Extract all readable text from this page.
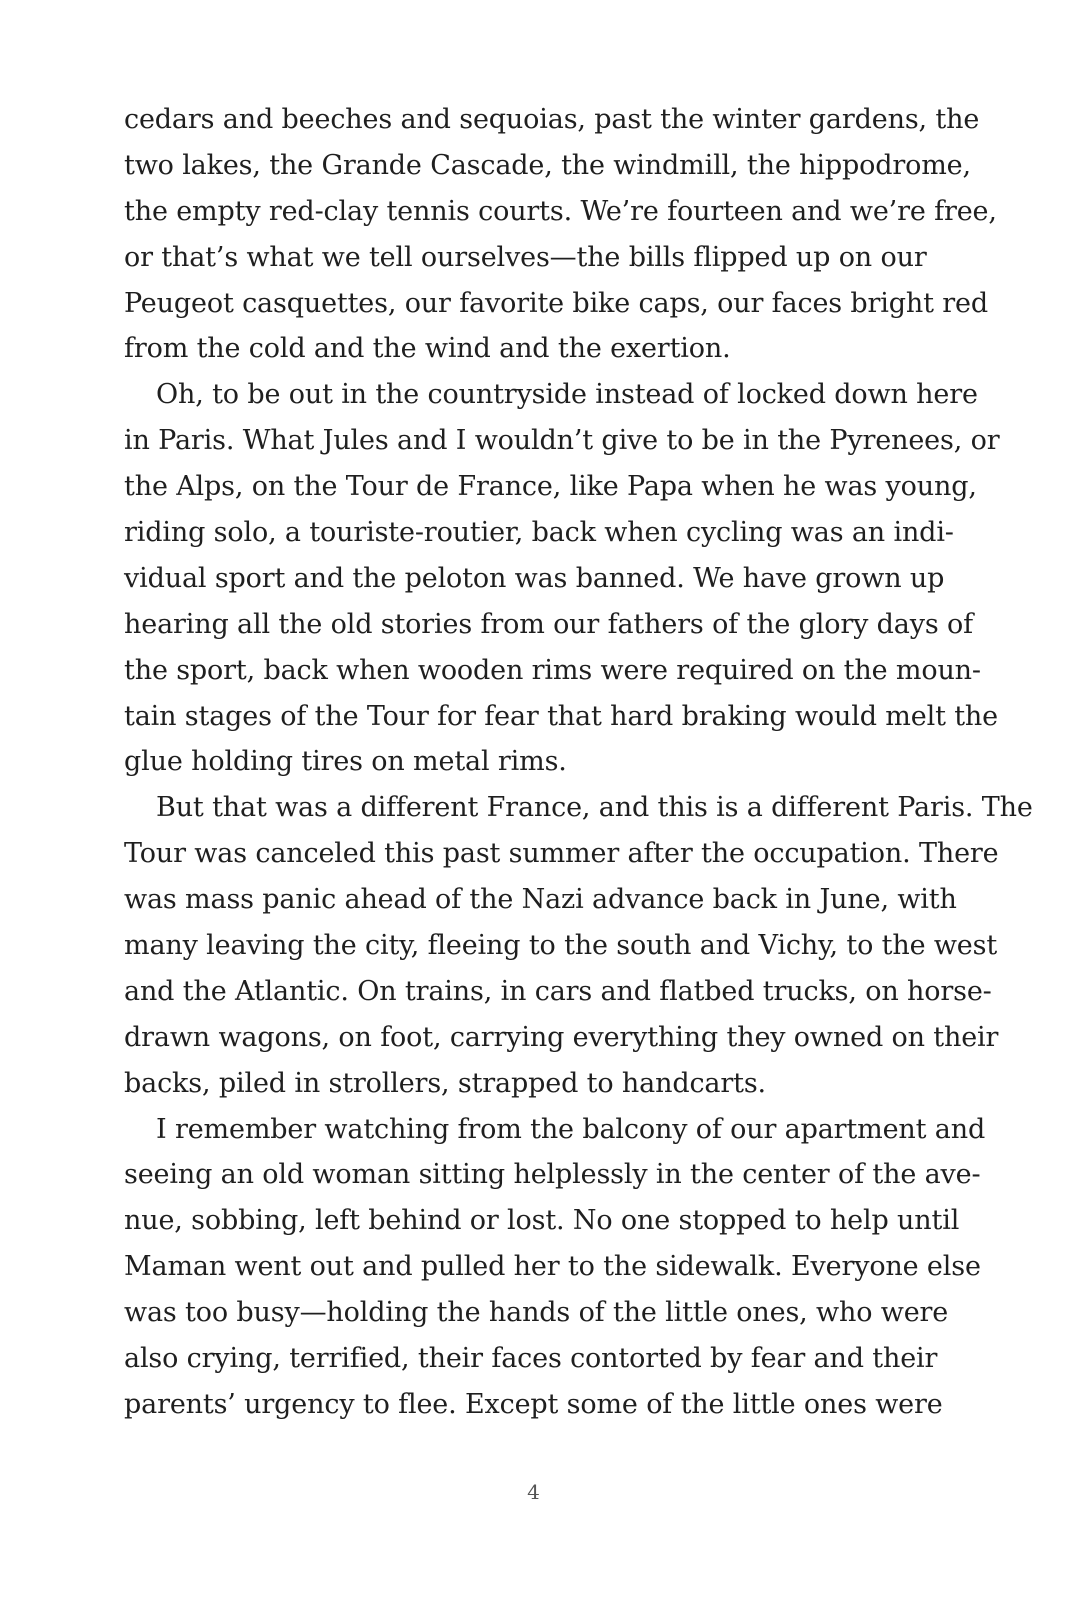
cedars and beeches and sequoias, past the winter gardens, the
two lakes, the Grande Cascade, the windmill, the hippodrome,
the empty red-clay tennis courts. We’re fourteen and we’re free,
or that’s what we tell ourselves—the bills flipped up on our
Peugeot casquettes, our favorite bike caps, our faces bright red
from the cold and the wind and the exertion.
Oh, to be out in the countryside instead of locked down here
in Paris. What Jules and I wouldn’t give to be in the Pyrenees, or
the Alps, on the Tour de France, like Papa when he was young,
riding solo, a touriste-routier, back when cycling was an indi-
vidual sport and the peloton was banned. We have grown up
hearing all the old stories from our fathers of the glory days of
the sport, back when wooden rims were required on the moun-
tain stages of the Tour for fear that hard braking would melt the
glue holding tires on metal rims.
But that was a different France, and this is a different Paris. The
Tour was canceled this past summer after the occupation. There
was mass panic ahead of the Nazi advance back in June, with
many leaving the city, fleeing to the south and Vichy, to the west
and the Atlantic. On trains, in cars and flatbed trucks, on horse-
drawn wagons, on foot, carrying everything they owned on their
backs, piled in strollers, strapped to handcarts.
I remember watching from the balcony of our apartment and
seeing an old woman sitting helplessly in the center of the ave-
nue, sobbing, left behind or lost. No one stopped to help until
Maman went out and pulled her to the sidewalk. Everyone else
was too busy—holding the hands of the little ones, who were
also crying, terrified, their faces contorted by fear and their
parents’ urgency to flee. Except some of the little ones were
4
